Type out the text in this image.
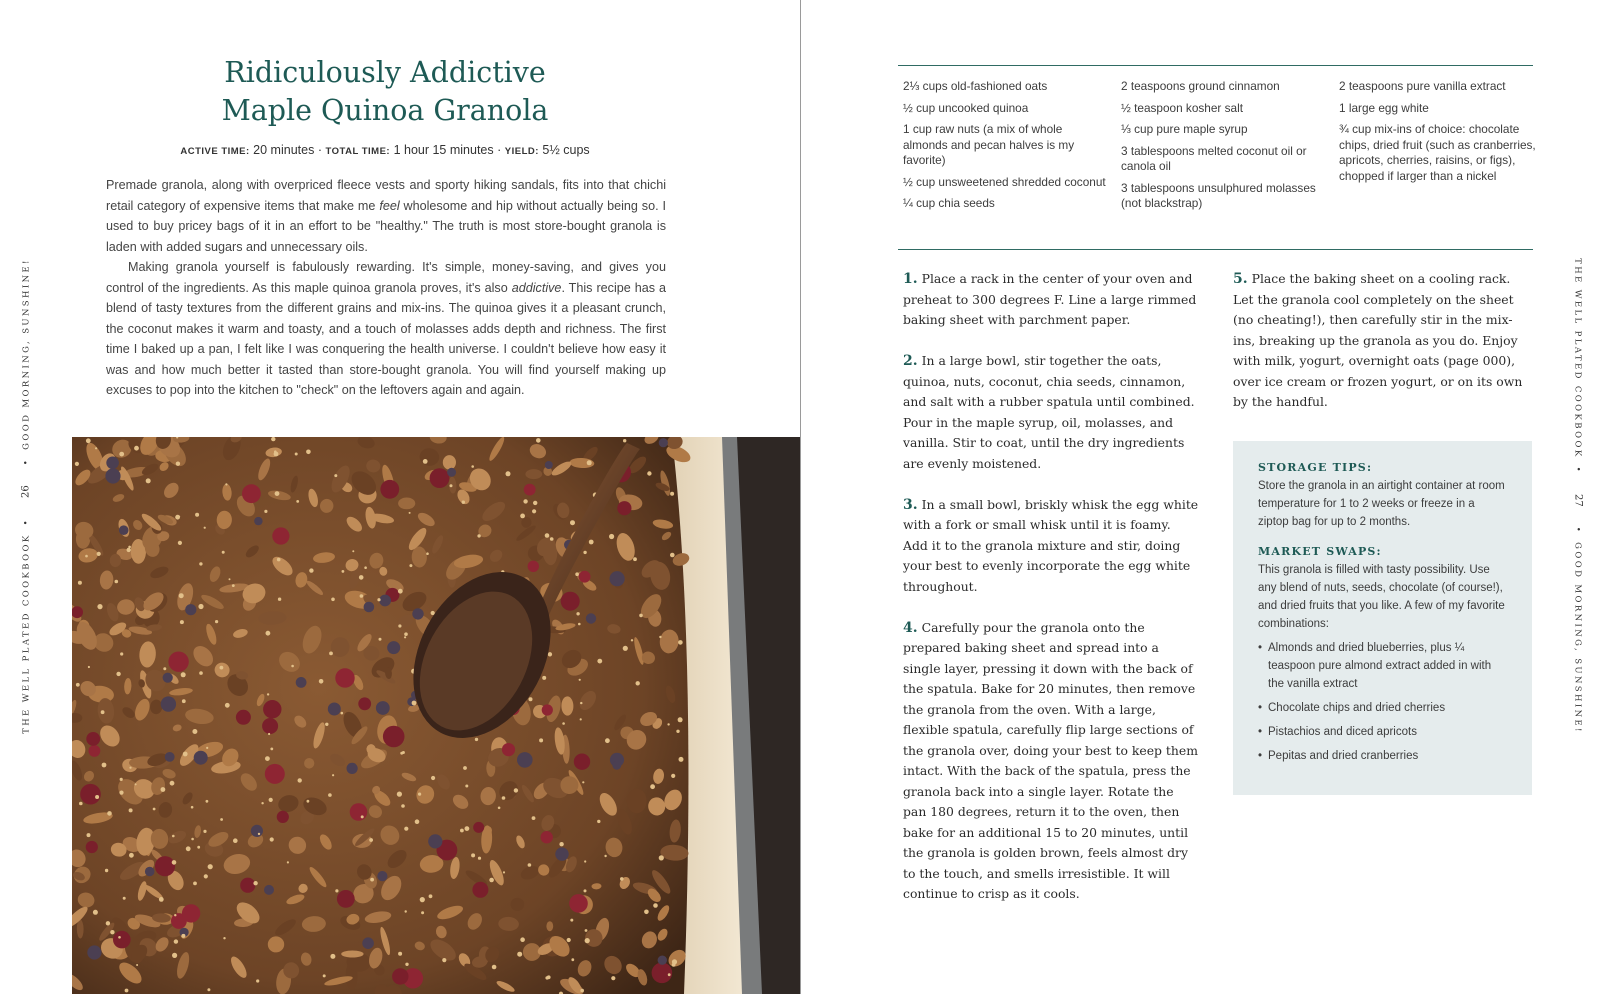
THE WELL PLATED COOKBOOK•26•GOOD MORNING, SUNSHINE!
Ridiculously Addictive
Maple Quinoa Granola
ACTIVE TIME: 20 minutes · TOTAL TIME: 1 hour 15 minutes · YIELD: 5½ cups

Premade granola, along with overpriced fleece vests and sporty hiking sandals, fits into that chichi retail category of expensive items that make me feel wholesome and hip without actually being so. I used to buy pricey bags of it in an effort to be "healthy." The truth is most store-bought granola is laden with added sugars and unnecessary oils.

Making granola yourself is fabulously rewarding. It's simple, money-saving, and gives you control of the ingredients. As this maple quinoa granola proves, it's also addictive. This recipe has a blend of tasty textures from the different grains and mix-ins. The quinoa gives it a pleasant crunch, the coconut makes it warm and toasty, and a touch of molasses adds depth and richness. The first time I baked up a pan, I felt like I was conquering the health universe. I couldn't believe how easy it was and how much better it tasted than store-bought granola. You will find yourself making up excuses to pop into the kitchen to "check" on the leftovers again and again.	THE WELL PLATED COOKBOOK•27•GOOD MORNING, SUNSHINE!
2⅓ cups old-fashioned oats
½ cup uncooked quinoa
1 cup raw nuts (a mix of whole almonds and pecan halves is my favorite)
½ cup unsweetened shredded coconut
¼ cup chia seeds
2 teaspoons ground cinnamon
½ teaspoon kosher salt
⅓ cup pure maple syrup
3 tablespoons melted coconut oil or canola oil
3 tablespoons unsulphured molasses (not blackstrap)
2 teaspoons pure vanilla extract
1 large egg white
¾ cup mix-ins of choice: chocolate chips, dried fruit (such as cranberries, apricots, cherries, raisins, or figs), chopped if larger than a nickel
1. Place a rack in the center of your oven and preheat to 300 degrees F. Line a large rimmed baking sheet with parchment paper.
2. In a large bowl, stir together the oats, quinoa, nuts, coconut, chia seeds, cinnamon, and salt with a rubber spatula until combined. Pour in the maple syrup, oil, molasses, and vanilla. Stir to coat, until the dry ingredients are evenly moistened.
3. In a small bowl, briskly whisk the egg white with a fork or small whisk until it is foamy. Add it to the granola mixture and stir, doing your best to evenly incorporate the egg white throughout.
4. Carefully pour the granola onto the prepared baking sheet and spread into a single layer, pressing it down with the back of the spatula. Bake for 20 minutes, then remove the granola from the oven. With a large, flexible spatula, carefully flip large sections of the granola over, doing your best to keep them intact. With the back of the spatula, press the granola back into a single layer. Rotate the pan 180 degrees, return it to the oven, then bake for an additional 15 to 20 minutes, until the granola is golden brown, feels almost dry to the touch, and smells irresistible. It will continue to crisp as it cools.
5. Place the baking sheet on a cooling rack. Let the granola cool completely on the sheet (no cheating!), then carefully stir in the mix-ins, breaking up the granola as you do. Enjoy with milk, yogurt, overnight oats (page 000), over ice cream or frozen yogurt, or on its own by the handful.
STORAGE TIPS:
Store the granola in an airtight container at room temperature for 1 to 2 weeks or freeze in a ziptop bag for up to 2 months.
MARKET SWAPS:
This granola is filled with tasty possibility. Use any blend of nuts, seeds, chocolate (of course!), and dried fruits that you like. A few of my favorite combinations:
• Almonds and dried blueberries, plus ¼ teaspoon pure almond extract added in with the vanilla extract
• Chocolate chips and dried cherries
• Pistachios and diced apricots
• Pepitas and dried cranberries
